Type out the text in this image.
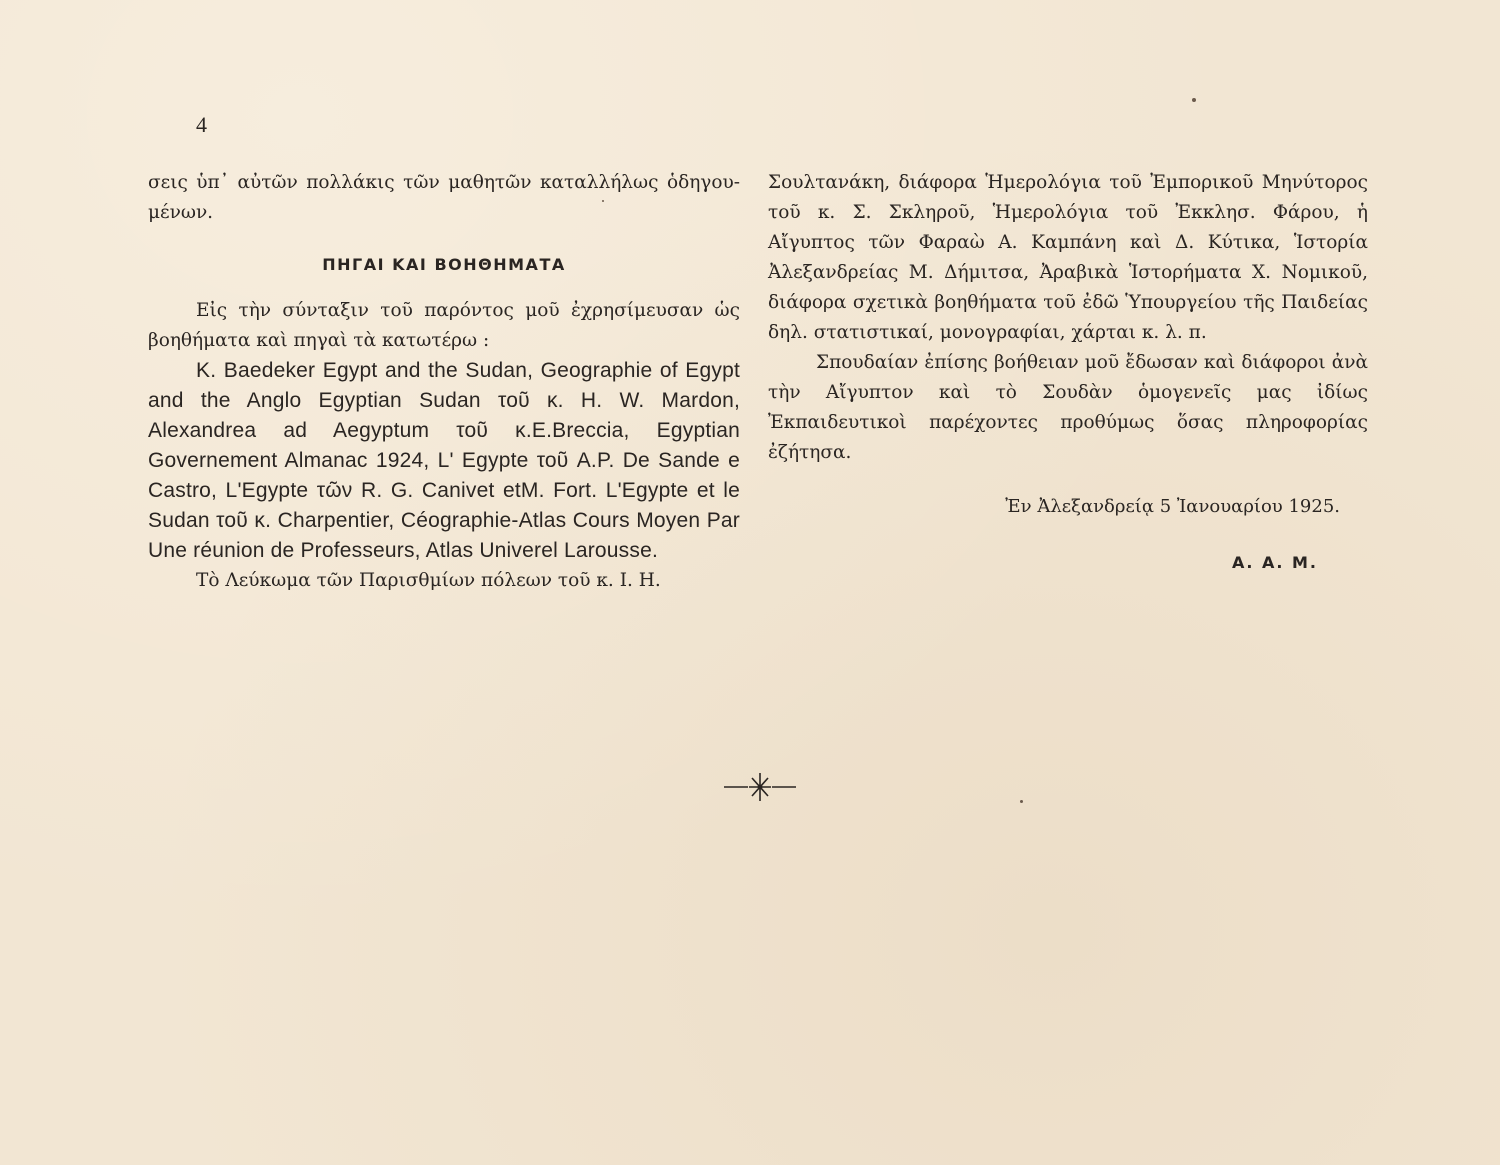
4

σεις ὑπ᾽ αὐτῶν πολλάκις τῶν μαθητῶν καταλλήλως ὁδηγου-μένων.

ΠΗΓΑΙ ΚΑΙ ΒΟΗΘΗΜΑΤΑ

Εἰς τὴν σύνταξιν τοῦ παρόντος μοῦ ἐχρησίμευσαν ὡς βοηθήματα καὶ πηγαὶ τὰ κατωτέρω :

K. Baedeker Egypt and the Sudan, Geographie of Egypt and the Anglo Egyptian Sudan τοῦ κ. H. W. Mardon, Alexandrea ad Aegyptum τοῦ κ.E.Breccia, Egyptian Governement Almanac 1924, L' Egypte τοῦ A.P. De Sande e Castro, L'Egypte τῶν R. G. Canivet etM. Fort. L'Egypte et le Sudan τοῦ κ. Charpentier, Céographie-Atlas Cours Moyen Par Une réunion de Professeurs, Atlas Univerel Larousse.

Τὸ Λεύκωμα τῶν Παρισθμίων πόλεων τοῦ κ. I. H.

Σουλτανάκη, διάφορα Ἡμερολόγια τοῦ Ἐμπορικοῦ Μηνύτορος τοῦ κ. Σ. Σκληροῦ, Ἡμερολόγια τοῦ Ἐκκλησ. Φάρου, ἡ Αἴγυπτος τῶν Φαραὼ Α. Καμπάνη καὶ Δ. Κύτικα, Ἱστορία Ἀλεξανδρείας Μ. Δήμιτσα, Ἀραβικὰ Ἱστορήματα Χ. Νομικοῦ, διάφορα σχετικὰ βοηθήματα τοῦ ἐδῶ Ὑπουργείου τῆς Παιδείας δηλ. στατιστικαί, μονογραφίαι, χάρται κ. λ. π.

Σπουδαίαν ἐπίσης βοήθειαν μοῦ ἔδωσαν καὶ διάφοροι ἀνὰ τὴν Αἴγυπτον καὶ τὸ Σουδὰν ὁμογενεῖς μας ἰδίως Ἐκπαιδευτικοὶ παρέχοντες προθύμως ὅσας πληροφορίας ἐζήτησα.

Ἐν Ἀλεξανδρείᾳ 5 Ἰανουαρίου 1925.
Α. Α. Μ.
